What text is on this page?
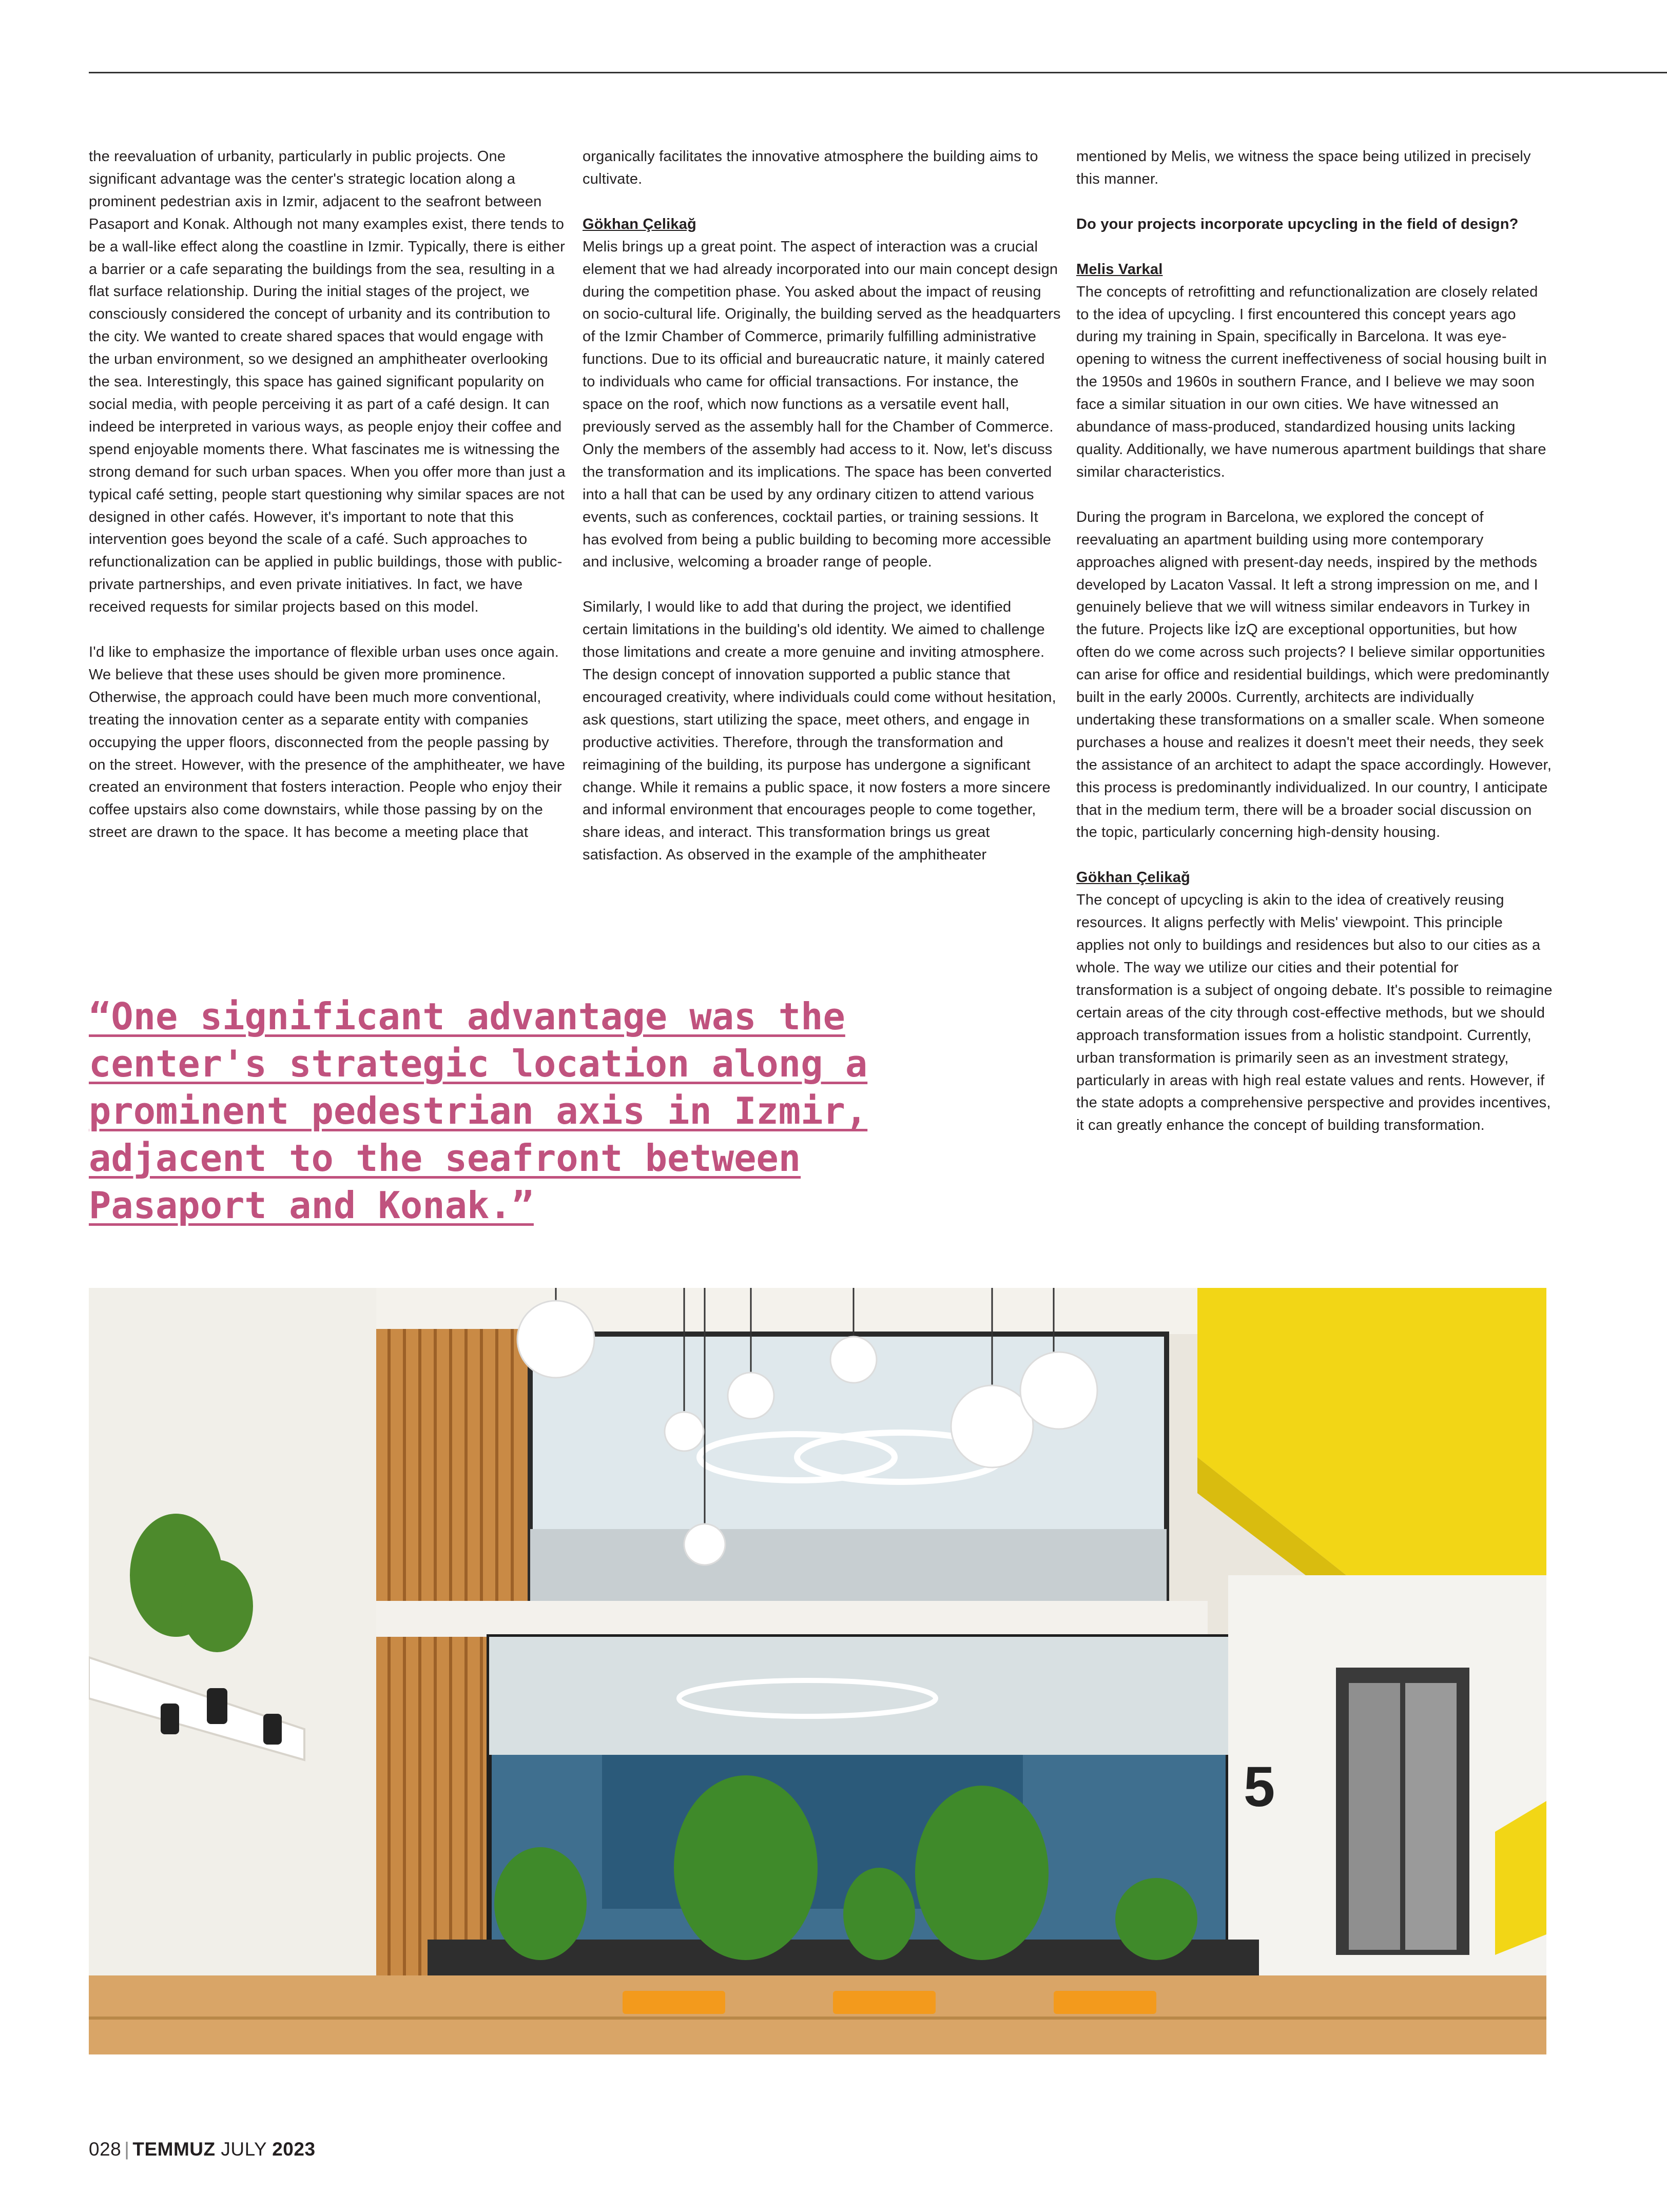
the reevaluation of urbanity, particularly in public projects. One significant advantage was the center's strategic location along a prominent pedestrian axis in Izmir, adjacent to the seafront between Pasaport and Konak. Although not many examples exist, there tends to be a wall-like effect along the coastline in Izmir. Typically, there is either a barrier or a cafe separating the buildings from the sea, resulting in a flat surface relationship. During the initial stages of the project, we consciously considered the concept of urbanity and its contribution to the city. We wanted to create shared spaces that would engage with the urban environment, so we designed an amphitheater overlooking the sea. Interestingly, this space has gained significant popularity on social media, with people perceiving it as part of a café design. It can indeed be interpreted in various ways, as people enjoy their coffee and spend enjoyable moments there. What fascinates me is witnessing the strong demand for such urban spaces. When you offer more than just a typical café setting, people start questioning why similar spaces are not designed in other cafés. However, it's important to note that this intervention goes beyond the scale of a café. Such approaches to refunctionalization can be applied in public buildings, those with public-private partnerships, and even private initiatives. In fact, we have received requests for similar projects based on this model.

I'd like to emphasize the importance of flexible urban uses once again. We believe that these uses should be given more prominence. Otherwise, the approach could have been much more conventional, treating the innovation center as a separate entity with companies occupying the upper floors, disconnected from the people passing by on the street. However, with the presence of the amphitheater, we have created an environment that fosters interaction. People who enjoy their coffee upstairs also come downstairs, while those passing by on the street are drawn to the space. It has become a meeting place that

organically facilitates the innovative atmosphere the building aims to cultivate.

Gökhan Çelikağ
Melis brings up a great point. The aspect of interaction was a crucial element that we had already incorporated into our main concept design during the competition phase. You asked about the impact of reusing on socio-cultural life. Originally, the building served as the headquarters of the Izmir Chamber of Commerce, primarily fulfilling administrative functions. Due to its official and bureaucratic nature, it mainly catered to individuals who came for official transactions. For instance, the space on the roof, which now functions as a versatile event hall, previously served as the assembly hall for the Chamber of Commerce. Only the members of the assembly had access to it. Now, let's discuss the transformation and its implications. The space has been converted into a hall that can be used by any ordinary citizen to attend various events, such as conferences, cocktail parties, or training sessions. It has evolved from being a public building to becoming more accessible and inclusive, welcoming a broader range of people.

Similarly, I would like to add that during the project, we identified certain limitations in the building's old identity. We aimed to challenge those limitations and create a more genuine and inviting atmosphere. The design concept of innovation supported a public stance that encouraged creativity, where individuals could come without hesitation, ask questions, start utilizing the space, meet others, and engage in productive activities. Therefore, through the transformation and reimagining of the building, its purpose has undergone a significant change. While it remains a public space, it now fosters a more sincere and informal environment that encourages people to come together, share ideas, and interact. This transformation brings us great satisfaction. As observed in the example of the amphitheater

mentioned by Melis, we witness the space being utilized in precisely this manner.

Do your projects incorporate upcycling in the field of design?

Melis Varkal
The concepts of retrofitting and refunctionalization are closely related to the idea of upcycling. I first encountered this concept years ago during my training in Spain, specifically in Barcelona. It was eye-opening to witness the current ineffectiveness of social housing built in the 1950s and 1960s in southern France, and I believe we may soon face a similar situation in our own cities. We have witnessed an abundance of mass-produced, standardized housing units lacking quality. Additionally, we have numerous apartment buildings that share similar characteristics.

During the program in Barcelona, we explored the concept of reevaluating an apartment building using more contemporary approaches aligned with present-day needs, inspired by the methods developed by Lacaton Vassal. It left a strong impression on me, and I genuinely believe that we will witness similar endeavors in Turkey in the future. Projects like İzQ are exceptional opportunities, but how often do we come across such projects? I believe similar opportunities can arise for office and residential buildings, which were predominantly built in the early 2000s. Currently, architects are individually undertaking these transformations on a smaller scale. When someone purchases a house and realizes it doesn't meet their needs, they seek the assistance of an architect to adapt the space accordingly. However, this process is predominantly individualized. In our country, I anticipate that in the medium term, there will be a broader social discussion on the topic, particularly concerning high-density housing.

Gökhan Çelikağ
The concept of upcycling is akin to the idea of creatively reusing resources. It aligns perfectly with Melis' viewpoint. This principle applies not only to buildings and residences but also to our cities as a whole. The way we utilize our cities and their potential for transformation is a subject of ongoing debate. It's possible to reimagine certain areas of the city through cost-effective methods, but we should approach transformation issues from a holistic standpoint. Currently, urban transformation is primarily seen as an investment strategy, particularly in areas with high real estate values and rents. However, if the state adopts a comprehensive perspective and provides incentives, it can greatly enhance the concept of building transformation.

“One significant advantage was the center's strategic location along a prominent pedestrian axis in Izmir, adjacent to the seafront between Pasaport and Konak.”
5
028 | TEMMUZ JULY 2023
